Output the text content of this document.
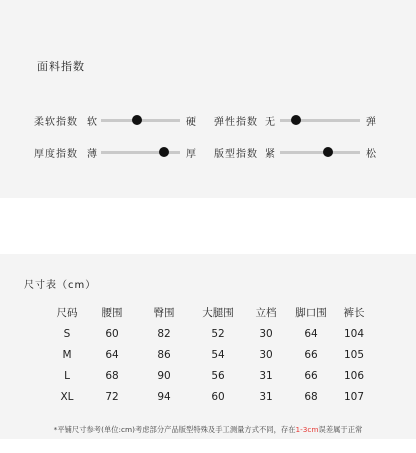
面料指数
柔软指数 软	硬 弹性指数 无	弹
厚度指数 薄	厚 版型指数 紧	松
尺寸表（cm）
尺码	腰围	臀围	大腿围	立档	脚口围	裤长
S	60	82	52	30	64	104
M	64	86	54	30	66	105
L	68	90	56	31	66	106
XL	72	94	60	31	68	107
*平铺尺寸参考(单位:cm)考虑部分产品版型特殊及手工测量方式不同，存在1-3cm误差属于正常
